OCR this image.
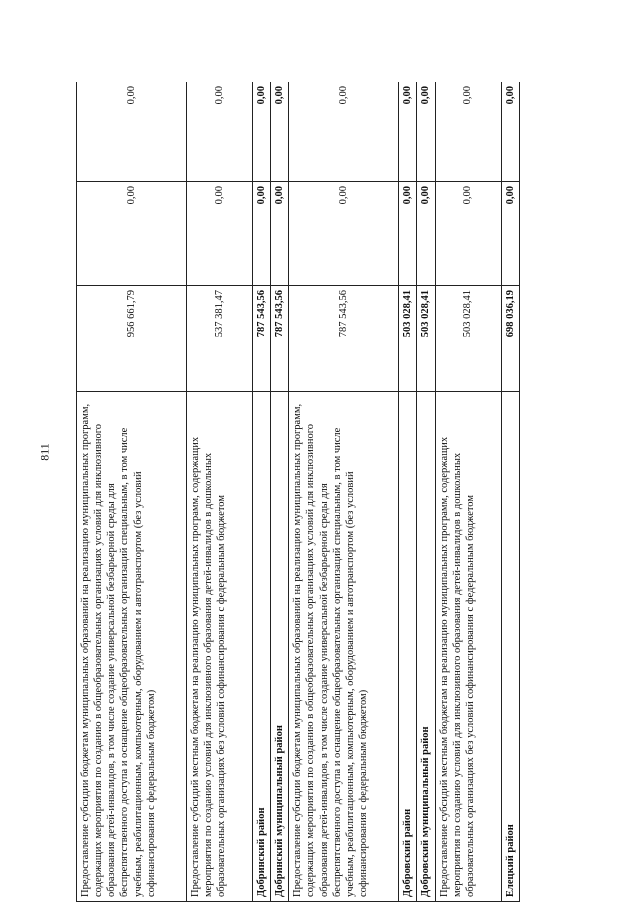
811	Предоставление субсидии бюджетам муниципальных образований на реализацию муниципальных программ, содержащих мероприятия по созданию в общеобразовательных организациях условий для инклюзивного образования детей-инвалидов, в том числе создание универсальной безбарьерной среды для беспрепятственного доступа и оснащение общеобразовательных организаций специальным, в том числе учебным, реабилитационным, компьютерным, оборудованием и автотранспортом (без условий софинансирования с федеральным бюджетом)	956 661,79	0,00	0,00
Предоставление субсидий местным бюджетам на реализацию муниципальных программ, содержащих мероприятия по созданию условий для инклюзивного образования детей-инвалидов в дошкольных образовательных организациях без условий софинансирования с федеральным бюджетом	537 381,47	0,00	0,00
Добринский район	787 543,56	0,00	0,00
Добринский муниципальный район	787 543,56	0,00	0,00
Предоставление субсидии бюджетам муниципальных образований на реализацию муниципальных программ, содержащих мероприятия по созданию в общеобразовательных организациях условий для инклюзивного образования детей-инвалидов, в том числе создание универсальной безбарьерной среды для беспрепятственного доступа и оснащение общеобразовательных организаций специальным, в том числе учебным, реабилитационным, компьютерным, оборудованием и автотранспортом (без условий софинансирования с федеральным бюджетом)	787 543,56	0,00	0,00
Добровский район	503 028,41	0,00	0,00
Добровский муниципальный район	503 028,41	0,00	0,00
Предоставление субсидий местным бюджетам на реализацию муниципальных программ, содержащих мероприятия по созданию условий для инклюзивного образования детей-инвалидов в дошкольных образовательных организациях без условий софинансирования с федеральным бюджетом	503 028,41	0,00	0,00
Елецкий район	698 036,19	0,00	0,00
